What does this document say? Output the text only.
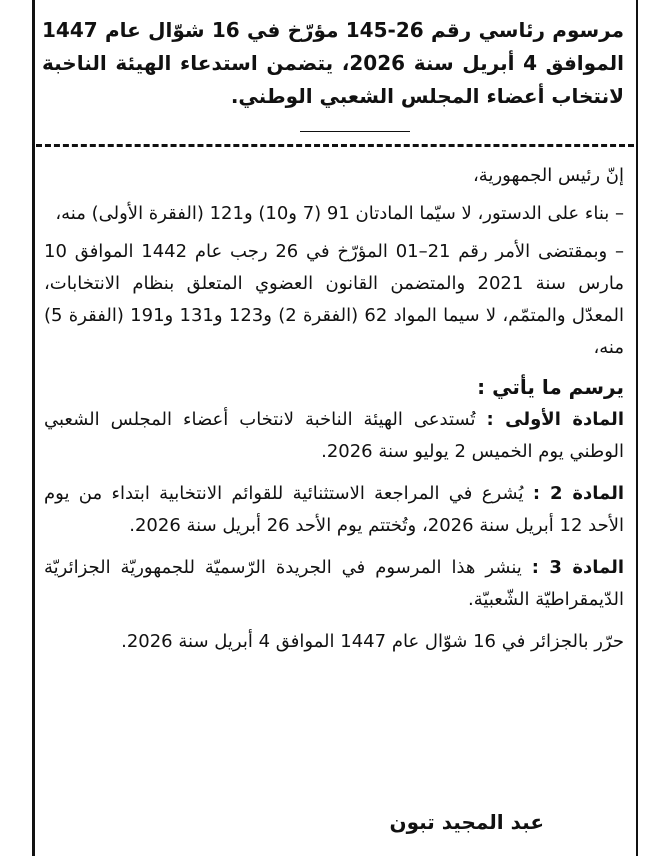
مرسوم رئاسي رقم 26-145 مؤرّخ في 16 شوّال عام 1447 الموافق 4 أبريل سنة 2026، يتضمن استدعاء الهيئة الناخبة لانتخاب أعضاء المجلس الشعبي الوطني.

إنّ رئيس الجمهورية،

– بناء على الدستور، لا سيّما المادتان 91 (7 و10) و121 (الفقرة الأولى) منه،

– وبمقتضى الأمر رقم 21–01 المؤرّخ في 26 رجب عام 1442 الموافق 10 مارس سنة 2021 والمتضمن القانون العضوي المتعلق بنظام الانتخابات، المعدّل والمتمّم، لا سيما المواد 62 (الفقرة 2) و123 و131 و191 (الفقرة 5) منه،

يرسم ما يأتي :

المادة الأولى : تُستدعى الهيئة الناخبة لانتخاب أعضاء المجلس الشعبي الوطني يوم الخميس 2 يوليو سنة 2026.

المادة 2 : يُشرع في المراجعة الاستثنائية للقوائم الانتخابية ابتداء من يوم الأحد 12 أبريل سنة 2026، وتُختتم يوم الأحد 26 أبريل سنة 2026.

المادة 3 : ينشر هذا المرسوم في الجريدة الرّسميّة للجمهوريّة الجزائريّة الدّيمقراطيّة الشّعبيّة.

حرّر بالجزائر في 16 شوّال عام 1447 الموافق 4 أبريل سنة 2026.

عبد المجيد تبون
